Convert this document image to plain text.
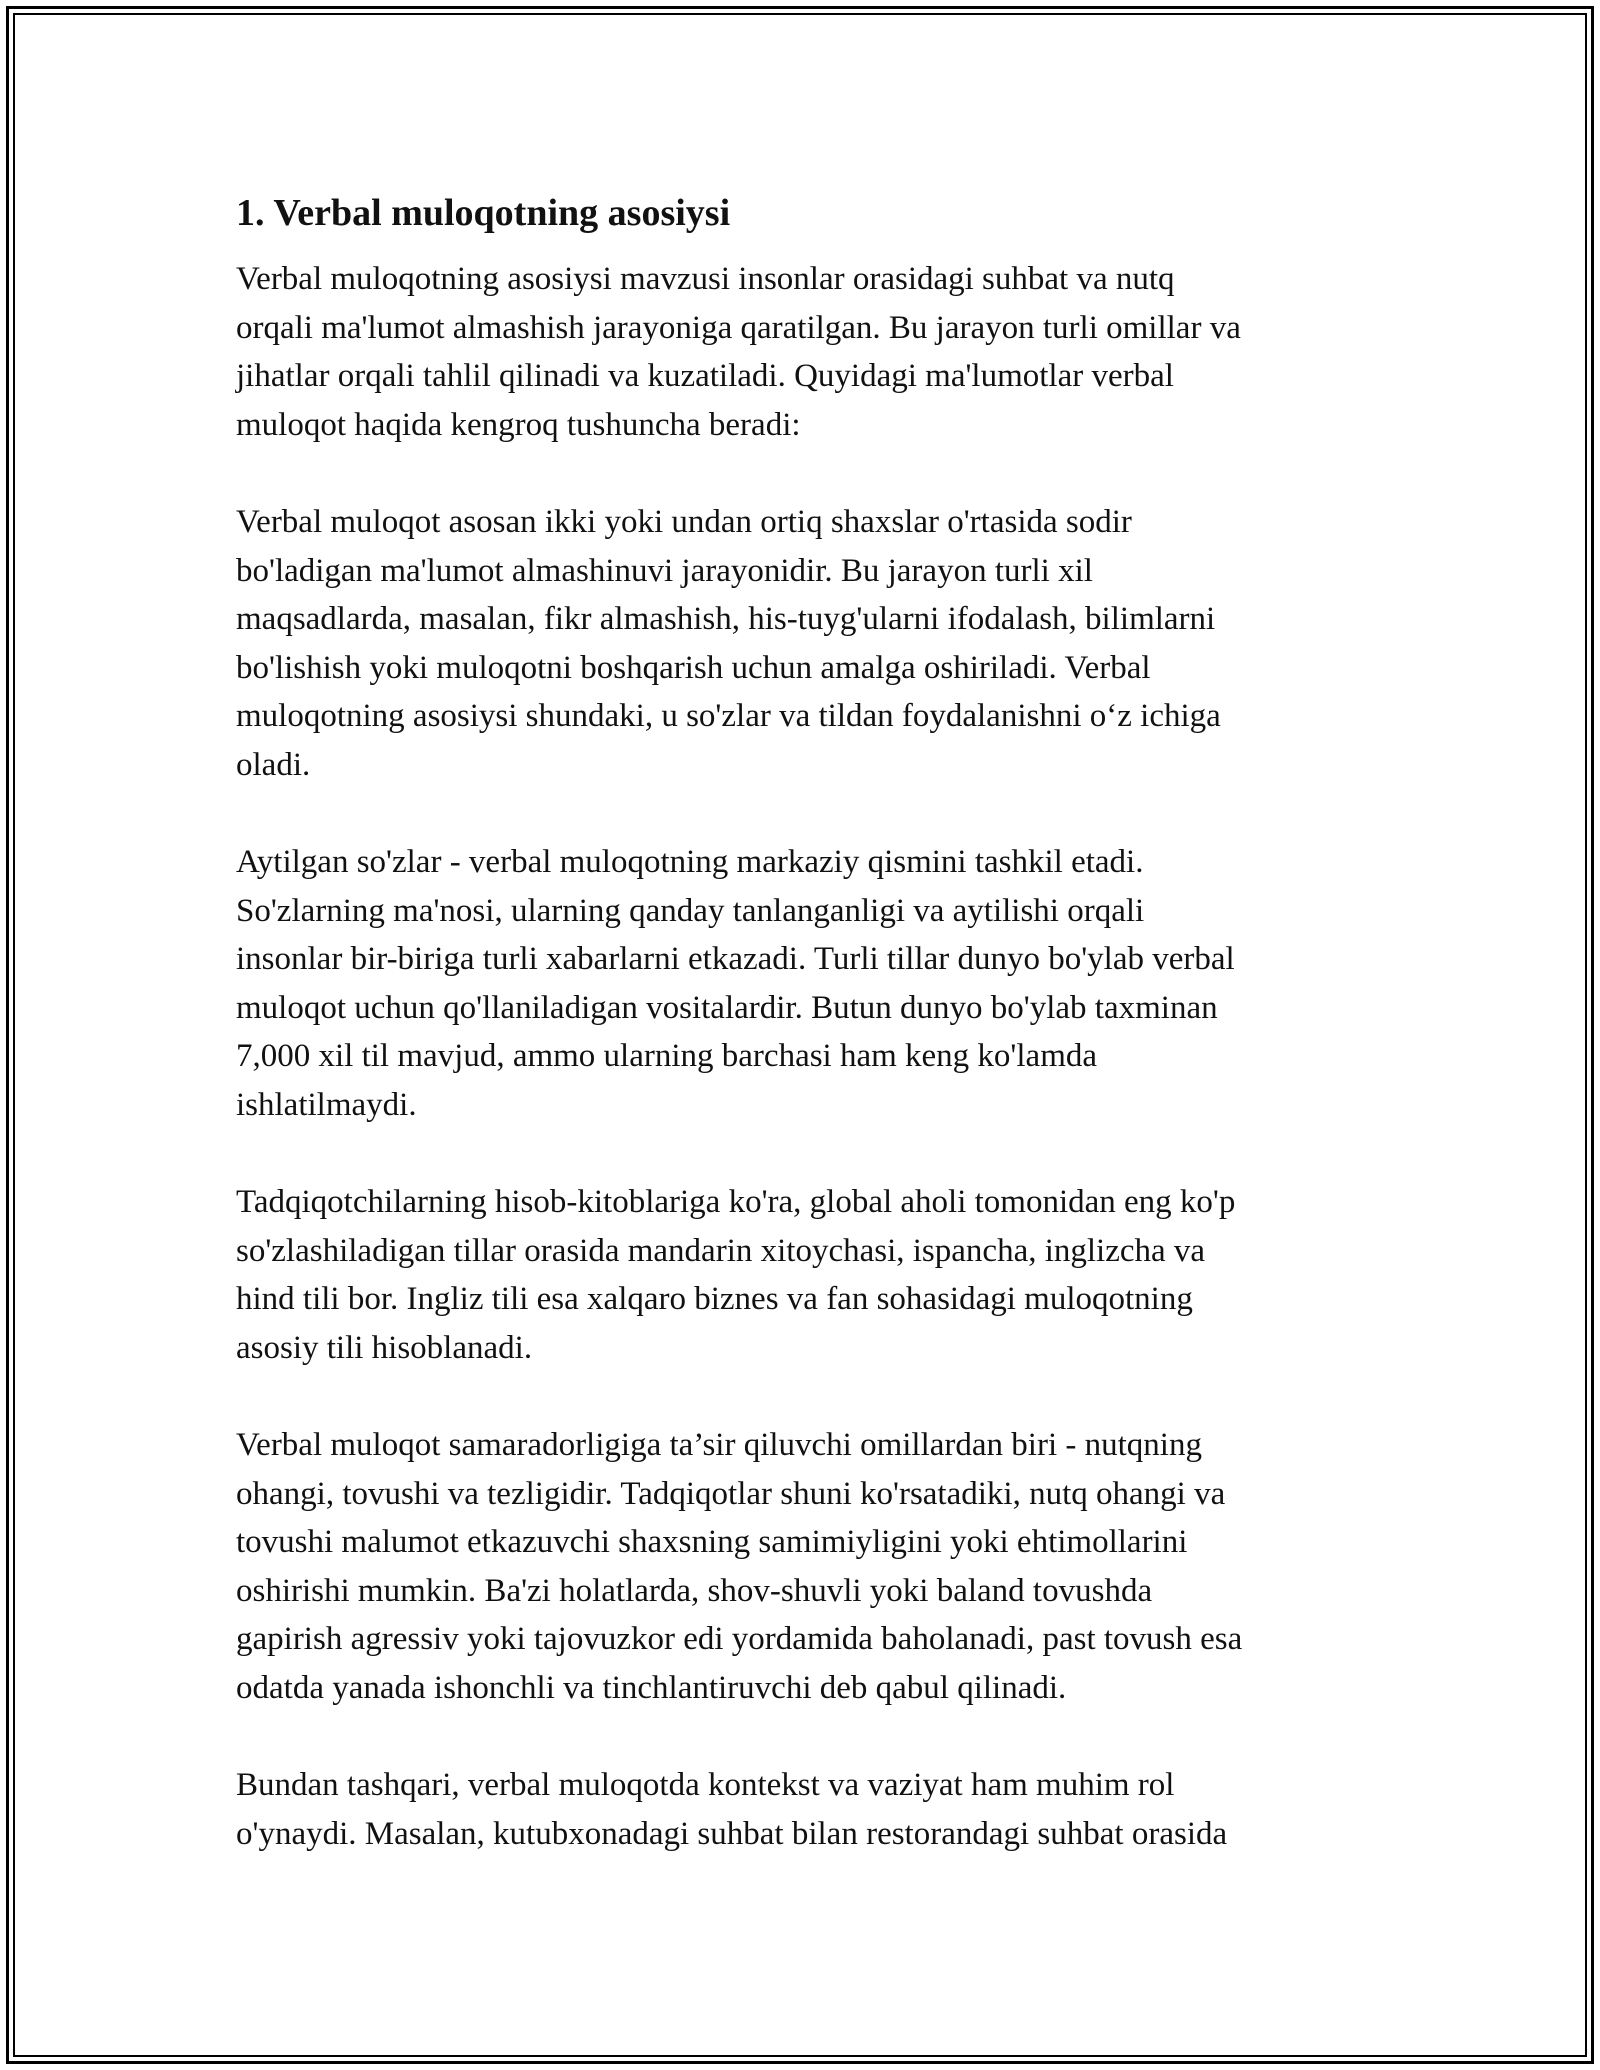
1. Verbal muloqotning asosiysi

Verbal muloqotning asosiysi mavzusi insonlar orasidagi suhbat va nutq
orqali ma'lumot almashish jarayoniga qaratilgan. Bu jarayon turli omillar va
jihatlar orqali tahlil qilinadi va kuzatiladi. Quyidagi ma'lumotlar verbal
muloqot haqida kengroq tushuncha beradi:

Verbal muloqot asosan ikki yoki undan ortiq shaxslar o'rtasida sodir
bo'ladigan ma'lumot almashinuvi jarayonidir. Bu jarayon turli xil
maqsadlarda, masalan, fikr almashish, his-tuyg'ularni ifodalash, bilimlarni
bo'lishish yoki muloqotni boshqarish uchun amalga oshiriladi. Verbal
muloqotning asosiysi shundaki, u so'zlar va tildan foydalanishni o‘z ichiga
oladi.

Aytilgan so'zlar - verbal muloqotning markaziy qismini tashkil etadi.
So'zlarning ma'nosi, ularning qanday tanlanganligi va aytilishi orqali
insonlar bir-biriga turli xabarlarni etkazadi. Turli tillar dunyo bo'ylab verbal
muloqot uchun qo'llaniladigan vositalardir. Butun dunyo bo'ylab taxminan
7,000 xil til mavjud, ammo ularning barchasi ham keng ko'lamda
ishlatilmaydi.

Tadqiqotchilarning hisob-kitoblariga ko'ra, global aholi tomonidan eng ko'p
so'zlashiladigan tillar orasida mandarin xitoychasi, ispancha, inglizcha va
hind tili bor. Ingliz tili esa xalqaro biznes va fan sohasidagi muloqotning
asosiy tili hisoblanadi.

Verbal muloqot samaradorligiga ta’sir qiluvchi omillardan biri - nutqning
ohangi, tovushi va tezligidir. Tadqiqotlar shuni ko'rsatadiki, nutq ohangi va
tovushi malumot etkazuvchi shaxsning samimiyligini yoki ehtimollarini
oshirishi mumkin. Ba'zi holatlarda, shov-shuvli yoki baland tovushda
gapirish agressiv yoki tajovuzkor edi yordamida baholanadi, past tovush esa
odatda yanada ishonchli va tinchlantiruvchi deb qabul qilinadi.

Bundan tashqari, verbal muloqotda kontekst va vaziyat ham muhim rol
o'ynaydi. Masalan, kutubxonadagi suhbat bilan restorandagi suhbat orasida
